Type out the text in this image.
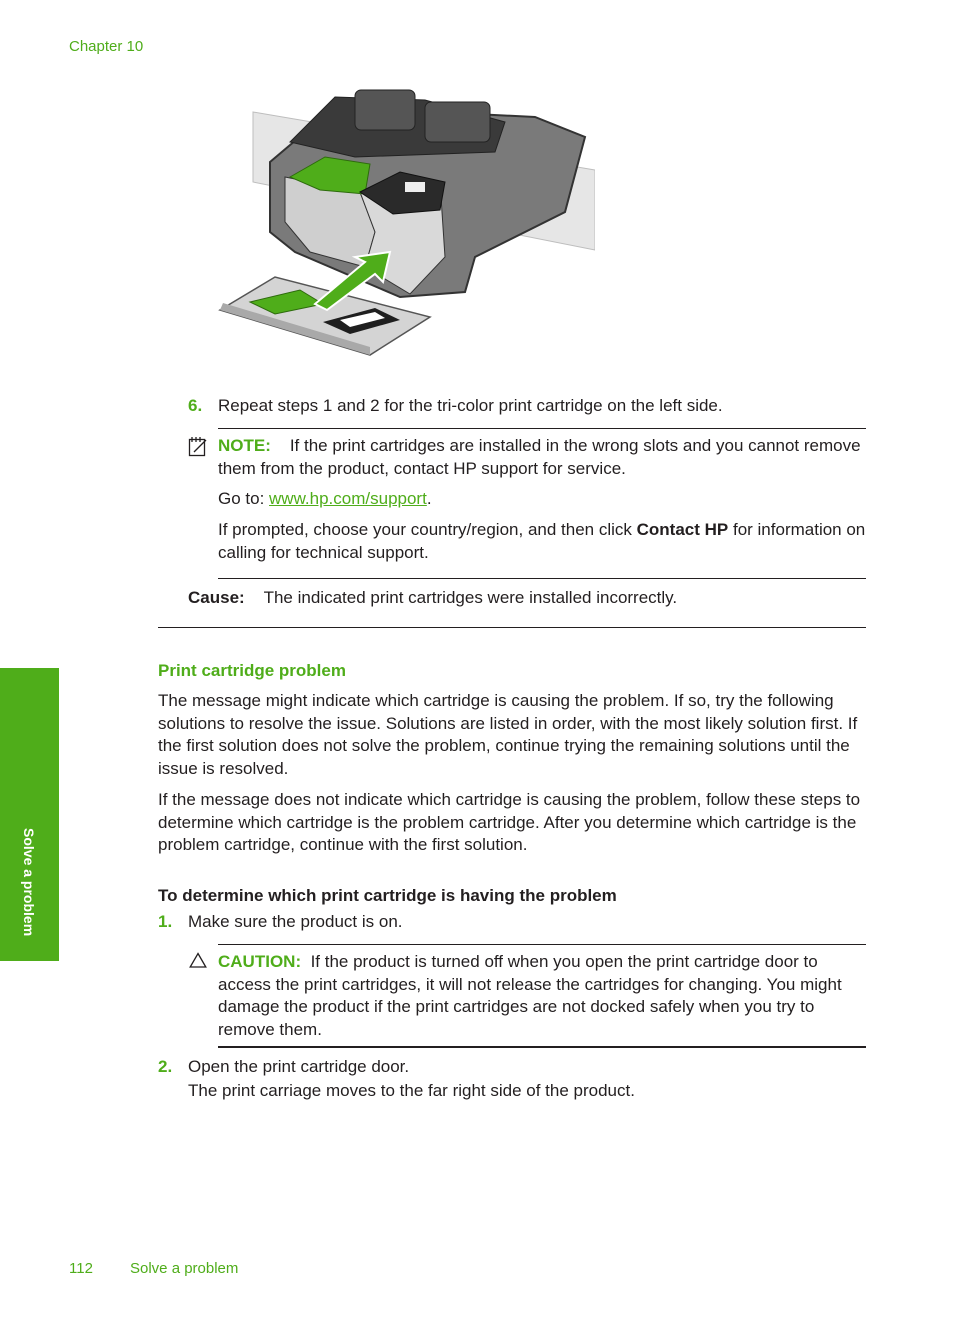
Chapter 10
6. Repeat steps 1 and 2 for the tri-color print cartridge on the left side.
NOTE: If the print cartridges are installed in the wrong slots and you cannot remove them from the product, contact HP support for service.
Go to: www.hp.com/support.
If prompted, choose your country/region, and then click Contact HP for information on calling for technical support.
Cause: The indicated print cartridges were installed incorrectly.
Print cartridge problem
The message might indicate which cartridge is causing the problem. If so, try the following solutions to resolve the issue. Solutions are listed in order, with the most likely solution first. If the first solution does not solve the problem, continue trying the remaining solutions until the issue is resolved.
If the message does not indicate which cartridge is causing the problem, follow these steps to determine which cartridge is the problem cartridge. After you determine which cartridge is the problem cartridge, continue with the first solution.
To determine which print cartridge is having the problem
1. Make sure the product is on.
CAUTION: If the product is turned off when you open the print cartridge door to access the print cartridges, it will not release the cartridges for changing. You might damage the product if the print cartridges are not docked safely when you try to remove them.
2. Open the print cartridge door.
The print carriage moves to the far right side of the product.
Solve a problem
112 Solve a problem
